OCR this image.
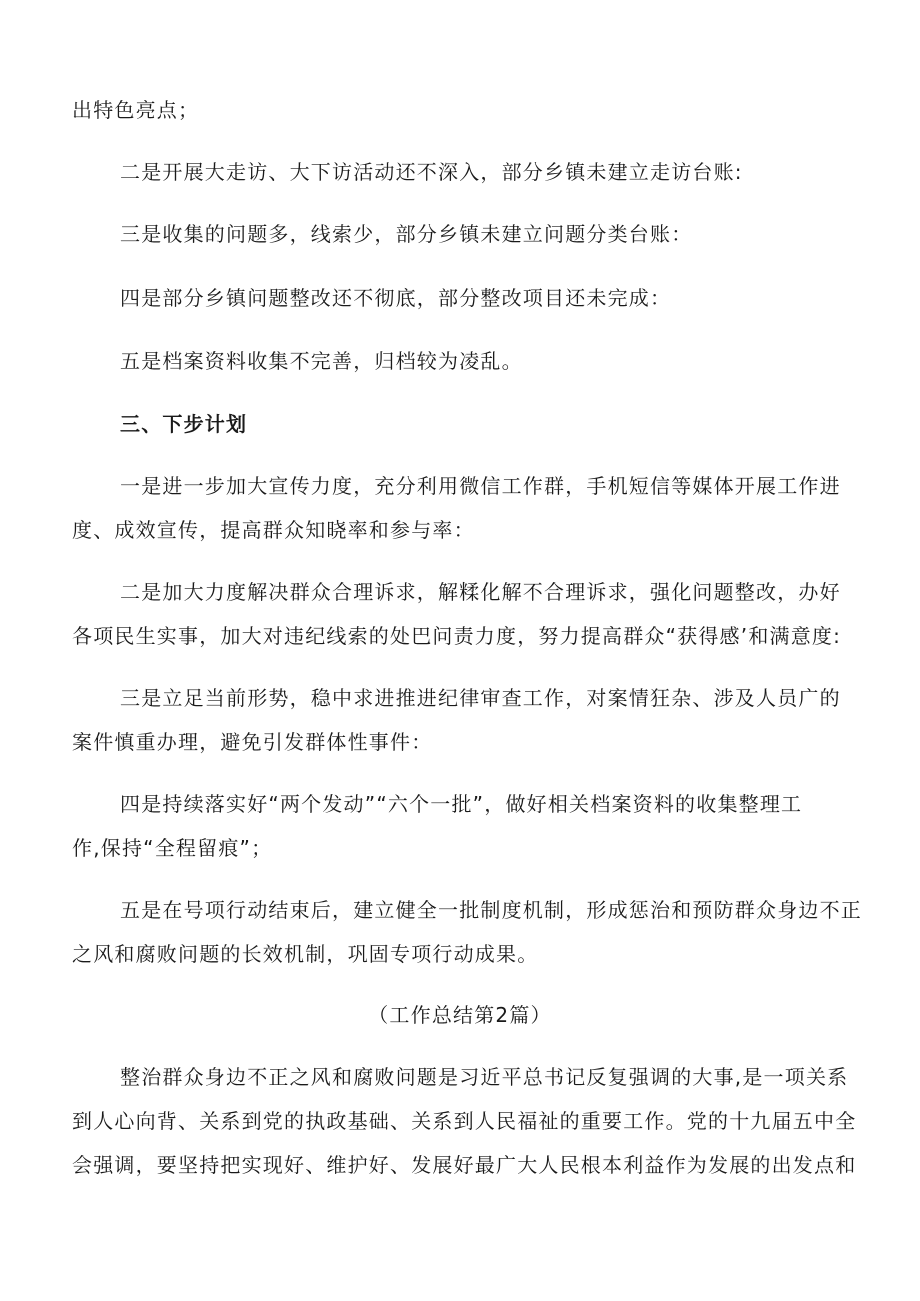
出特色亮点；
二是开展大走访、大下访活动还不深入，部分乡镇未建立走访台账:
三是收集的问题多，线索少，部分乡镇未建立问题分类台账：
四是部分乡镇问题整改还不彻底，部分整改项目还未完成：
五是档案资料收集不完善，归档较为凌乱。
三、下步计划
一是进一步加大宣传力度，充分利用微信工作群，手机短信等媒体开展工作进
度、成效宣传，提高群众知晓率和参与率：
二是加大力度解决群众合理诉求，解糅化解不合理诉求，强化问题整改，办好
各项民生实事，加大对违纪线索的处巴问责力度，努力提高群众“获得感’和满意度:
三是立足当前形势，稳中求进推进纪律审查工作，对案情狂杂、涉及人员广的
案件慎重办理，避免引发群体性事件：
四是持续落实好“两个发动”“六个一批”，做好相关档案资料的收集整理工
作,保持“全程留痕”；
五是在号项行动结束后，建立健全一批制度机制，形成惩治和预防群众身边不正
之风和腐败问题的长效机制，巩固专项行动成果。
（工作总结第2篇）
整治群众身边不正之风和腐败问题是习近平总书记反复强调的大事,是一项关系
到人心向背、关系到党的执政基础、关系到人民福祉的重要工作。党的十九届五中全
会强调，要坚持把实现好、维护好、发展好最广大人民根本利益作为发展的出发点和
